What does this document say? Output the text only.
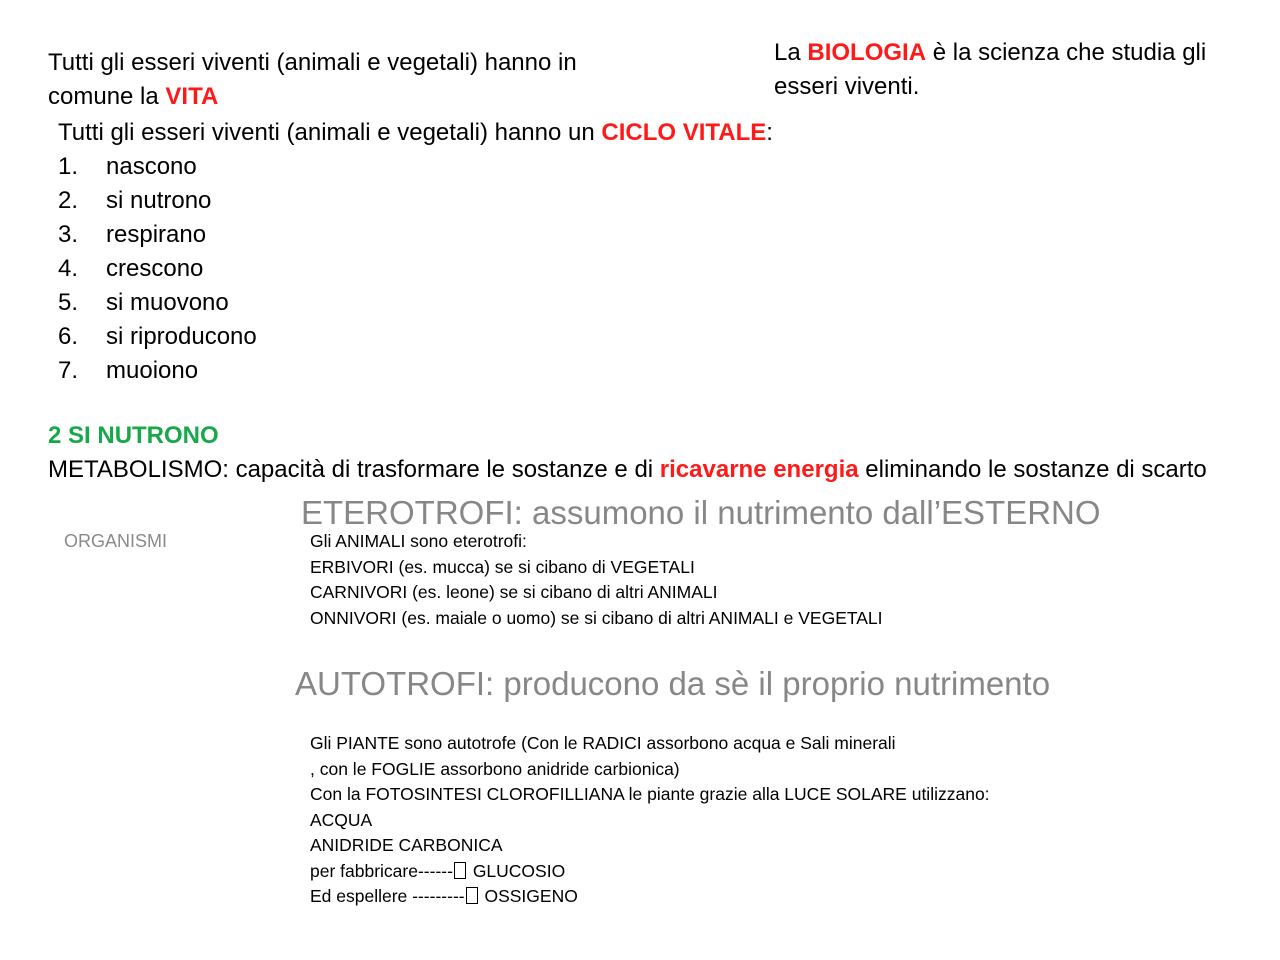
Tutti gli esseri viventi (animali e vegetali) hanno in comune la VITA
La BIOLOGIA è la scienza che studia gli esseri viventi.
Tutti gli esseri viventi (animali e vegetali) hanno un CICLO VITALE:
1.	nascono
2.	si nutrono
3.	respirano
4.	crescono
5.	si muovono
6.	si riproducono
7.	muoiono
2 SI NUTRONO
METABOLISMO: capacità di trasformare le sostanze e di ricavarne energia eliminando le sostanze di scarto
ORGANISMI
ETEROTROFI: assumono il nutrimento dall’ESTERNO
Gli ANIMALI sono eterotrofi:
ERBIVORI (es. mucca) se si cibano di VEGETALI
CARNIVORI (es. leone) se si cibano di altri ANIMALI
ONNIVORI (es. maiale o uomo) se si cibano di altri ANIMALI e VEGETALI
AUTOTROFI: producono da sè il proprio nutrimento
Gli PIANTE sono autotrofe (Con le RADICI assorbono acqua e Sali minerali
, con le FOGLIE assorbono anidride carbionica)
Con la FOTOSINTESI CLOROFILLIANA le piante grazie alla LUCE SOLARE utilizzano:
ACQUA
ANIDRIDE CARBONICA
per fabbricare------ GLUCOSIO
Ed espellere --------- OSSIGENO
